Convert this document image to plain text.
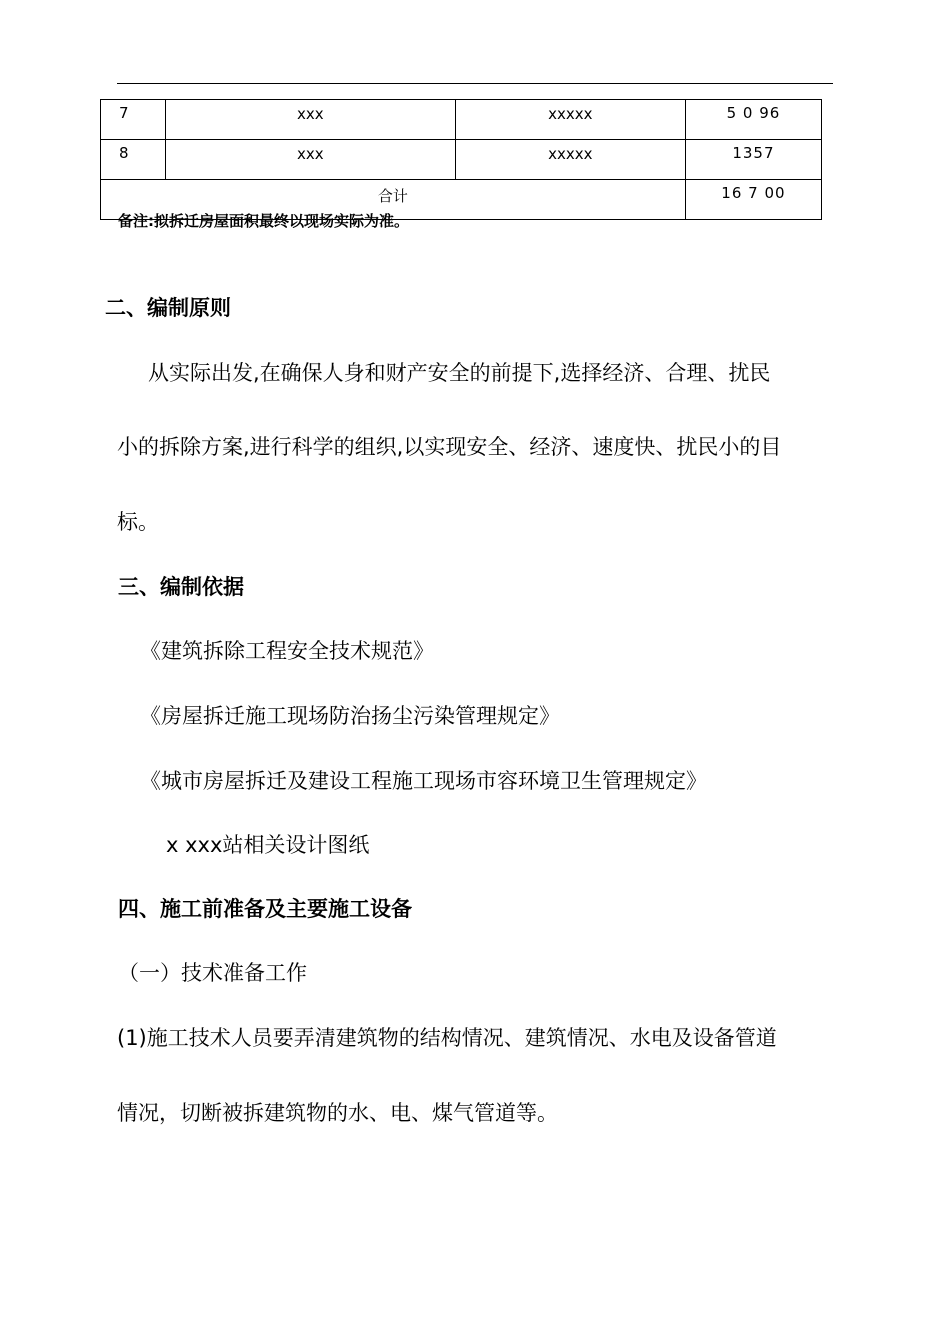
7	xxx	xxxxx	5 0 96
8	xxx	xxxxx	1357
合计			16 7 00
备注:拟拆迁房屋面积最终以现场实际为准。
二、编制原则
从实际出发,在确保人身和财产安全的前提下,选择经济、合理、扰民
小的拆除方案,进行科学的组织,以实现安全、经济、速度快、扰民小的目
标。
三、编制依据
《建筑拆除工程安全技术规范》
《房屋拆迁施工现场防治扬尘污染管理规定》
《城市房屋拆迁及建设工程施工现场市容环境卫生管理规定》
x xxx站相关设计图纸
四、施工前准备及主要施工设备
（一）技术准备工作
(1)施工技术人员要弄清建筑物的结构情况、建筑情况、水电及设备管道
情况，切断被拆建筑物的水、电、煤气管道等。
